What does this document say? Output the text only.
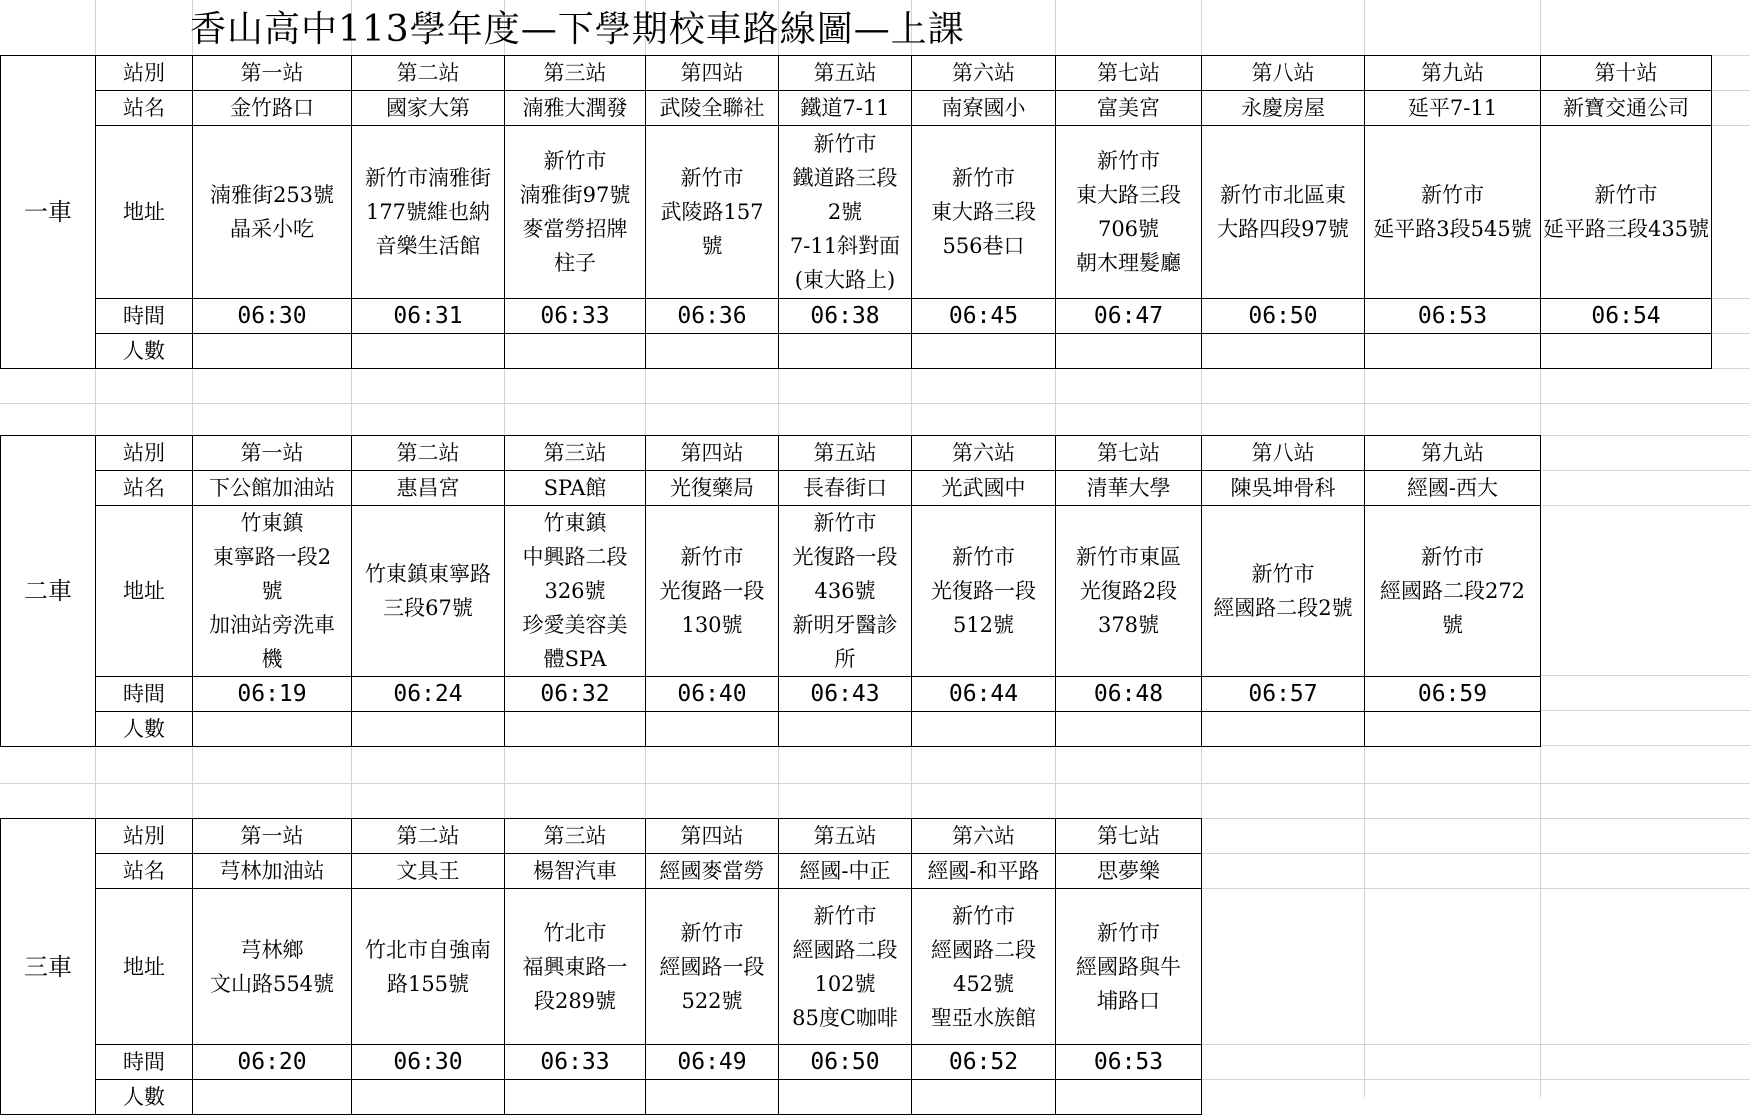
香山高中113學年度—下學期校車路線圖—上課
一車	站別	第一站	第二站	第三站	第四站	第五站	第六站	第七站	第八站	第九站	第十站
	站名	金竹路口	國家大第	湳雅大潤發	武陵全聯社	鐵道7-11	南寮國小	富美宮	永慶房屋	延平7-11	新寶交通公司
	地址	湳雅街253號
晶采小吃	新竹市湳雅街
177號維也納
音樂生活館	新竹市
湳雅街97號
麥當勞招牌
柱子	新竹市
武陵路157
號	新竹市
鐵道路三段
2號
7-11斜對面
(東大路上)	新竹市
東大路三段
556巷口	新竹市
東大路三段
706號
朝木理髮廳	新竹市北區東
大路四段97號	新竹市
延平路3段545號	新竹市
延平路三段435號

	時間	06:30	06:31	06:33	06:36	06:38	06:45	06:47	06:50	06:53	06:54
	人數										
二車	站別	第一站	第二站	第三站	第四站	第五站	第六站	第七站	第八站	第九站
	站名	下公館加油站	惠昌宮	SPA館	光復藥局	長春街口	光武國中	清華大學	陳吳坤骨科	經國-西大
	地址	竹東鎮
東寧路一段2
號
加油站旁洗車
機	竹東鎮東寧路
三段67號	竹東鎮
中興路二段
326號
珍愛美容美
體SPA	新竹市
光復路一段
130號	新竹市
光復路一段
436號
新明牙醫診
所	新竹市
光復路一段
512號	新竹市東區
光復路2段
378號	新竹市
經國路二段2號	新竹市
經國路二段272
號

	時間	06:19	06:24	06:32	06:40	06:43	06:44	06:48	06:57	06:59
	人數									
三車	站別	第一站	第二站	第三站	第四站	第五站	第六站	第七站
	站名	芎林加油站	文具王	楊智汽車	經國麥當勞	經國-中正	經國-和平路	思夢樂
	地址	芎林鄉
文山路554號	竹北市自強南
路155號	竹北市
福興東路一
段289號	新竹市
經國路一段
522號	新竹市
經國路二段
102號
85度C咖啡	新竹市
經國路二段
452號
聖亞水族館	新竹市
經國路與牛
埔路口

	時間	06:20	06:30	06:33	06:49	06:50	06:52	06:53
	人數							
